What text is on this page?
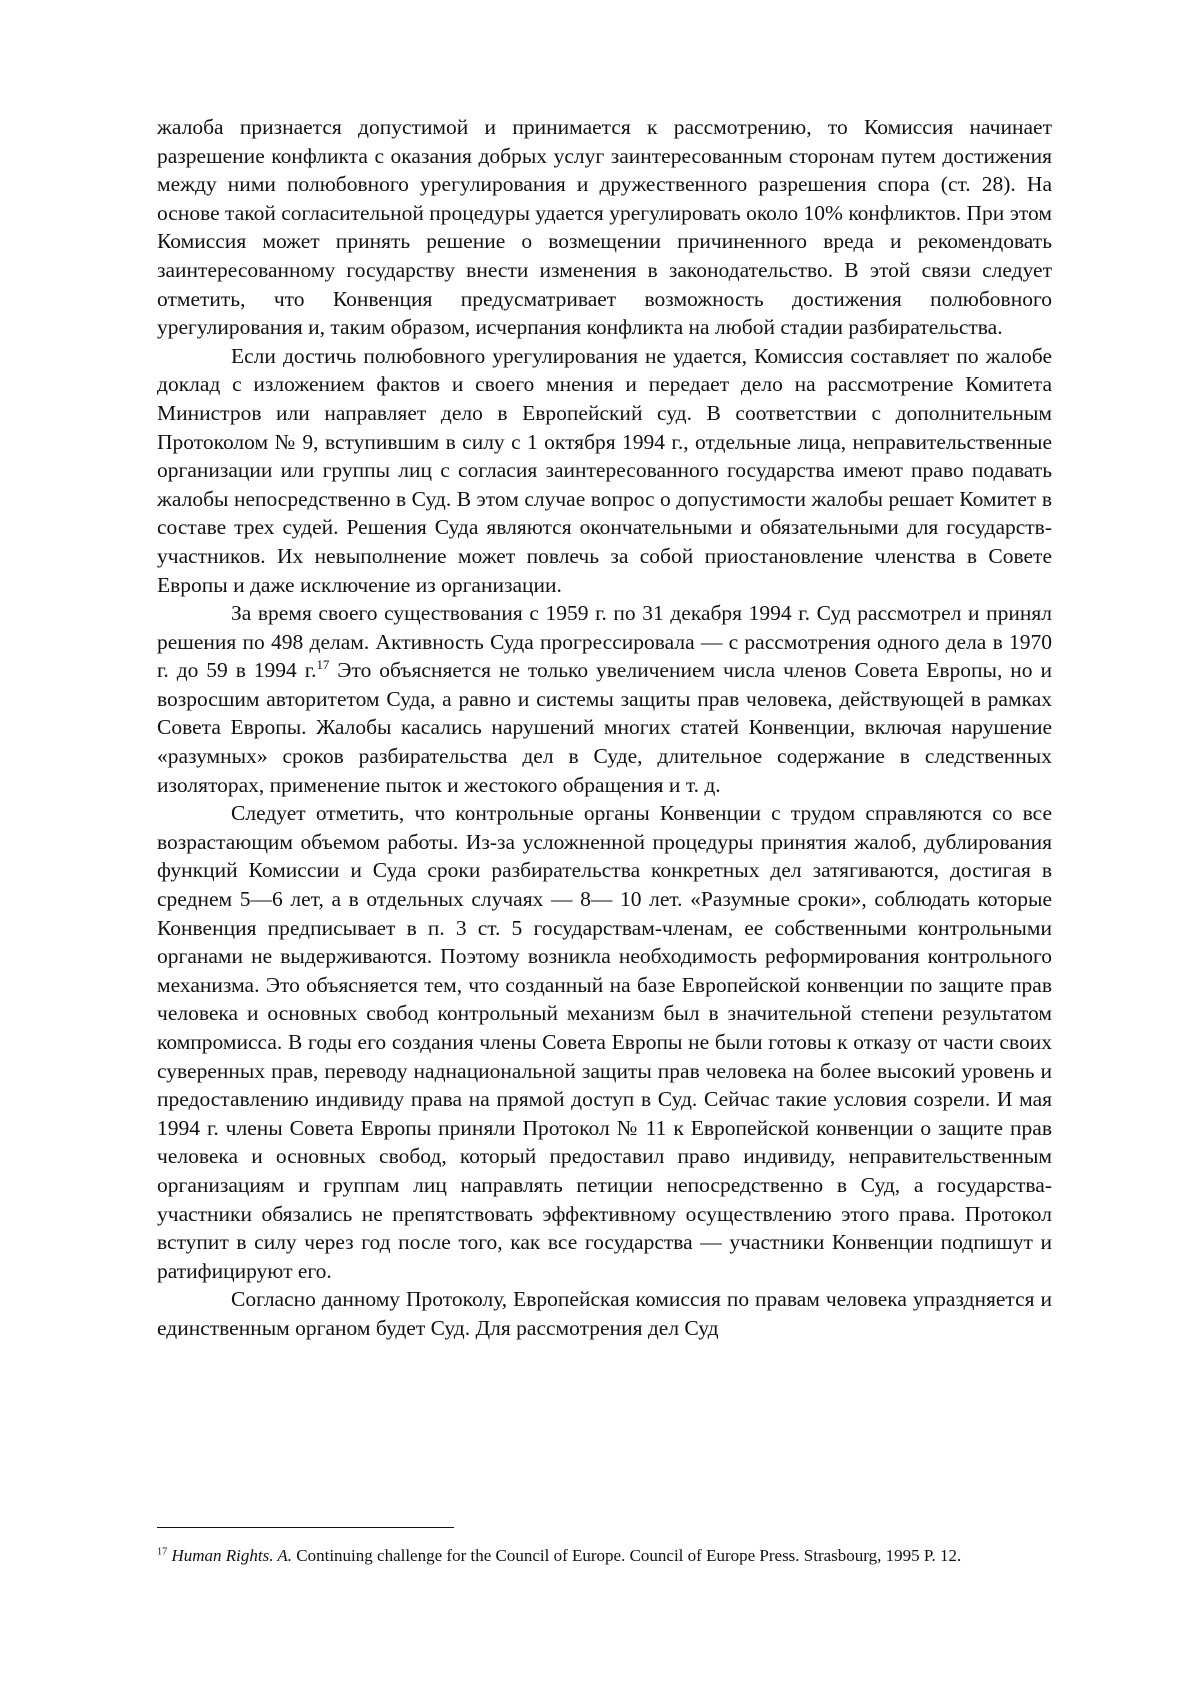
жалоба признается допустимой и принимается к рассмотрению, то Комиссия начинает разрешение конфликта с оказания добрых услуг заинтересованным сторонам путем достижения между ними полюбовного урегулирования и дружественного разрешения спора (ст. 28). На основе такой согласительной процедуры удается урегулировать около 10% конфликтов. При этом Комиссия может принять решение о возмещении причиненного вреда и рекомендовать заинтересованному государству внести изменения в законодательство. В этой связи следует отметить, что Конвенция предусматривает возможность достижения полюбовного урегулирования и, таким образом, исчерпания конфликта на любой стадии разбирательства.

Если достичь полюбовного урегулирования не удается, Комиссия составляет по жалобе доклад с изложением фактов и своего мнения и передает дело на рассмотрение Комитета Министров или направляет дело в Европейский суд. В соответствии с дополнительным Протоколом № 9, вступившим в силу с 1 октября 1994 г., отдельные лица, неправительственные организации или группы лиц с согласия заинтересованного государства имеют право подавать жалобы непосредственно в Суд. В этом случае вопрос о допустимости жалобы решает Комитет в составе трех судей. Решения Суда являются окончательными и обязательными для государств-участников. Их невыполнение может повлечь за собой приостановление членства в Совете Европы и даже исключение из организации.

За время своего существования с 1959 г. по 31 декабря 1994 г. Суд рассмотрел и принял решения по 498 делам. Активность Суда прогрессировала — с рассмотрения одного дела в 1970 г. до 59 в 1994 г.$^{17}$ Это объясняется не только увеличением числа членов Совета Европы, но и возросшим авторитетом Суда, а равно и системы защиты прав человека, действующей в рамках Совета Европы. Жалобы касались нарушений многих статей Конвенции, включая нарушение «разумных» сроков разбирательства дел в Суде, длительное содержание в следственных изоляторах, применение пыток и жестокого обращения и т. д.

Следует отметить, что контрольные органы Конвенции с трудом справляются со все возрастающим объемом работы. Из-за усложненной процедуры принятия жалоб, дублирования функций Комиссии и Суда сроки разбирательства конкретных дел затягиваются, достигая в среднем 5—6 лет, а в отдельных случаях — 8— 10 лет. «Разумные сроки», соблюдать которые Конвенция предписывает в п. 3 ст. 5 государствам-членам, ее собственными контрольными органами не выдерживаются. Поэтому возникла необходимость реформирования контрольного механизма. Это объясняется тем, что созданный на базе Европейской конвенции по защите прав человека и основных свобод контрольный механизм был в значительной степени результатом компромисса. В годы его создания члены Совета Европы не были готовы к отказу от части своих суверенных прав, переводу наднациональной защиты прав человека на более высокий уровень и предоставлению индивиду права на прямой доступ в Суд. Сейчас такие условия созрели. И мая 1994 г. члены Совета Европы приняли Протокол № 11 к Европейской конвенции о защите прав человека и основных свобод, который предоставил право индивиду, неправительственным организациям и группам лиц направлять петиции непосредственно в Суд, а государства-участники обязались не препятствовать эффективному осуществлению этого права. Протокол вступит в силу через год после того, как все государства — участники Конвенции подпишут и ратифицируют его.

Согласно данному Протоколу, Европейская комиссия по правам человека упраздняется и единственным органом будет Суд. Для рассмотрения дел Суд

$^{17}$ Human Rights. A. Continuing challenge for the Council of Europe. Council of Europe Press. Strasbourg, 1995 P. 12.
